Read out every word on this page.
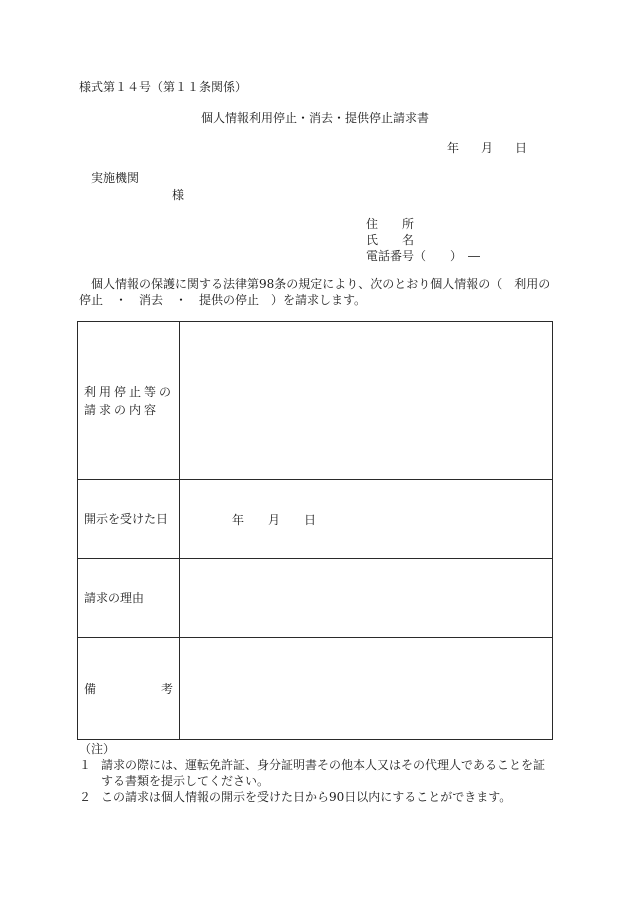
様式第１４号（第１１条関係）
個人情報利用停止・消去・提供停止請求書
年 月 日
実施機関
様
住　　所
氏　　名
電話番号（　　）　―
個人情報の保護に関する法律第98条の規定により、次のとおり個人情報の（　利用の停止　・　消去　・　提供の停止　）を請求します。
利用停止等の
請求の内容	

開示を受けた日	年 月 日
請求の理由	

備 考	

（注）
１ 請求の際には、運転免許証、身分証明書その他本人又はその代理人であることを証する書類を提示してください。
２ この請求は個人情報の開示を受けた日から90日以内にすることができます。
